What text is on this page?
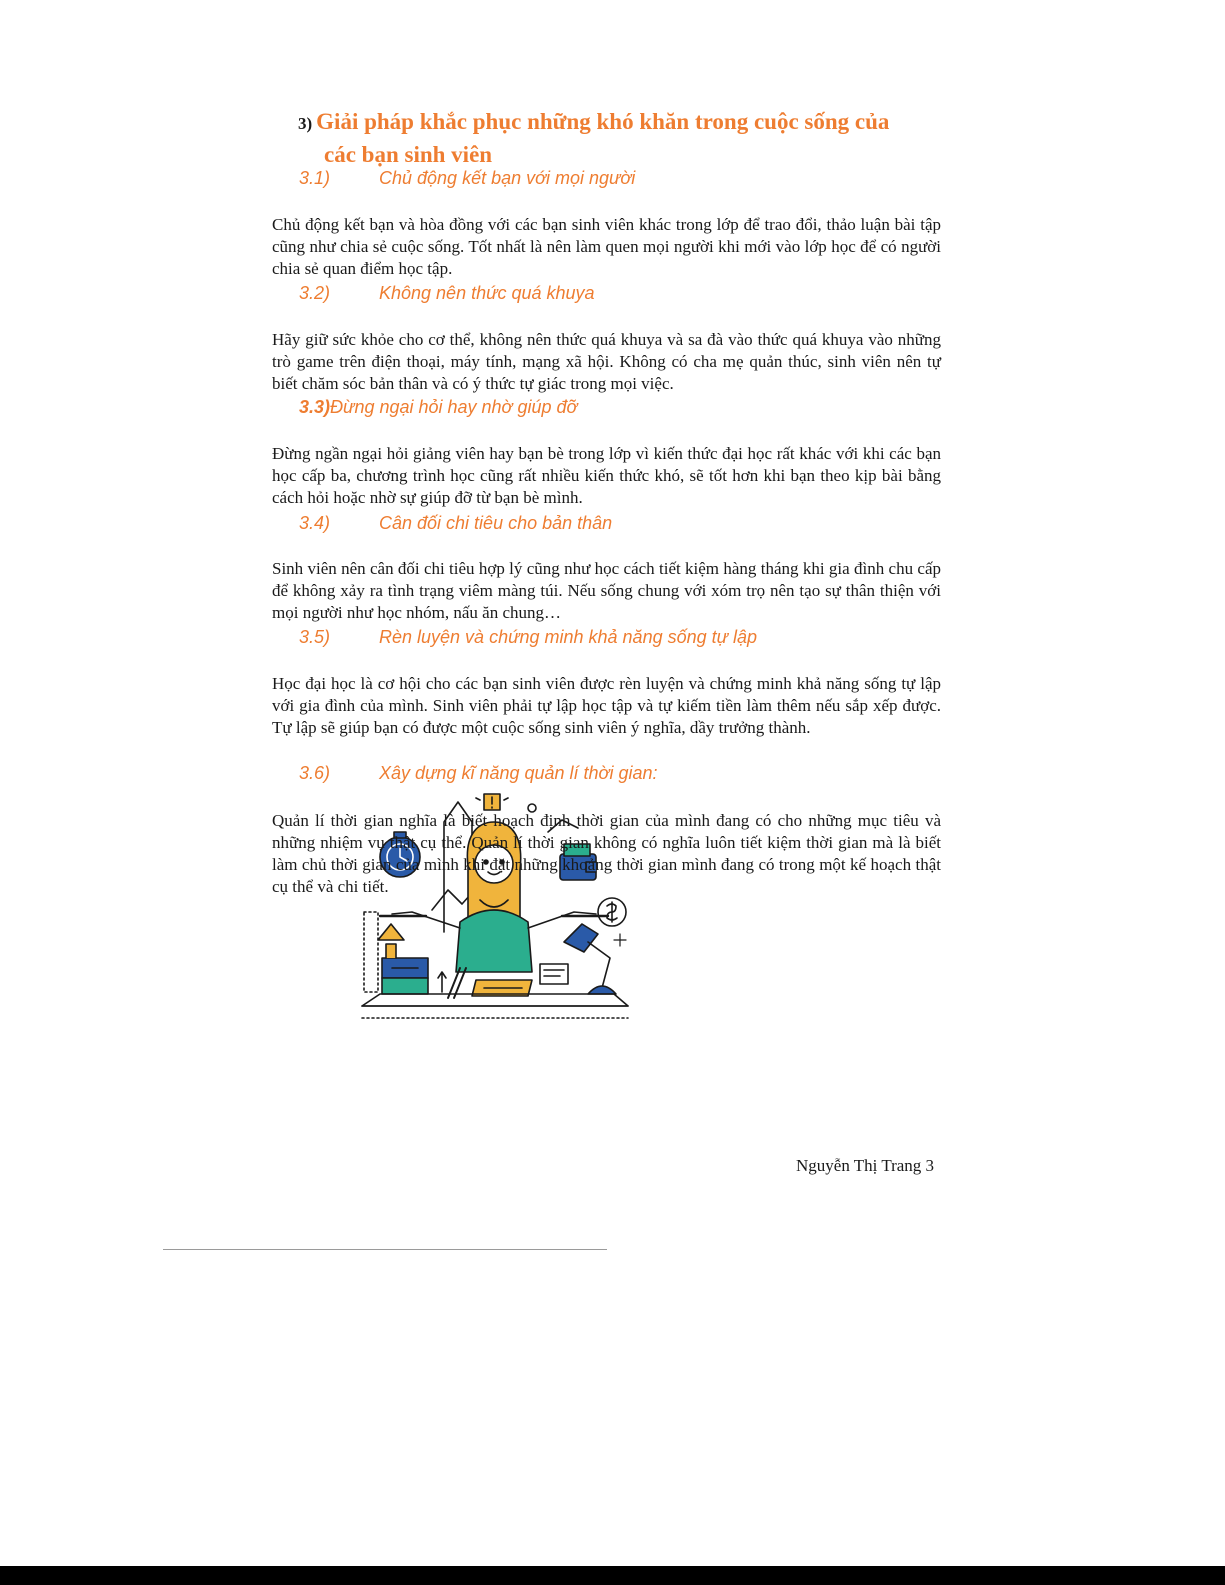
3) Giải pháp khắc phục những khó khăn trong cuộc sống của
các bạn sinh viên
3.1)	Chủ động kết bạn với mọi người
Chủ động kết bạn và hòa đồng với các bạn sinh viên khác trong lớp để trao đổi, thảo luận bài tập cũng như chia sẻ cuộc sống. Tốt nhất là nên làm quen mọi người khi mới vào lớp học để có người chia sẻ quan điểm học tập.
3.2)	Không nên thức quá khuya
Hãy giữ sức khỏe cho cơ thể, không nên thức quá khuya và sa đà vào thức quá khuya vào những trò game trên điện thoại, máy tính, mạng xã hội. Không có cha mẹ quản thúc, sinh viên nên tự biết chăm sóc bản thân và có ý thức tự giác trong mọi việc.
3.3)Đừng ngại hỏi hay nhờ giúp đỡ
Đừng ngần ngại hỏi giảng viên hay bạn bè trong lớp vì kiến thức đại học rất khác với khi các bạn học cấp ba, chương trình học cũng rất nhiều kiến thức khó, sẽ tốt hơn khi bạn theo kịp bài bằng cách hỏi hoặc nhờ sự giúp đỡ từ bạn bè mình.
3.4)	Cân đối chi tiêu cho bản thân
Sinh viên nên cân đối chi tiêu hợp lý cũng như học cách tiết kiệm hàng tháng khi gia đình chu cấp để không xảy ra tình trạng viêm màng túi. Nếu sống chung với xóm trọ nên tạo sự thân thiện với mọi người như học nhóm, nấu ăn chung…
3.5)	Rèn luyện và chứng minh khả năng sống tự lập
Học đại học là cơ hội cho các bạn sinh viên được rèn luyện và chứng minh khả năng sống tự lập với gia đình của mình. Sinh viên phải tự lập học tập và tự kiếm tiền làm thêm nếu sắp xếp được. Tự lập sẽ giúp bạn có được một cuộc sống sinh viên ý nghĩa, dầy trưởng thành.
3.6)	Xây dựng kĩ năng quản lí thời gian:
Quản lí thời gian nghĩa là biết hoạch định thời gian của mình đang có cho những mục tiêu và những nhiệm vụ thật cụ thể. Quản lí thời gian không có nghĩa luôn tiết kiệm thời gian mà là biết làm chủ thời gian của mình khi đặt những khoảng thời gian mình đang có trong một kế hoạch thật cụ thể và chi tiết.
Nguyễn Thị Trang 3
